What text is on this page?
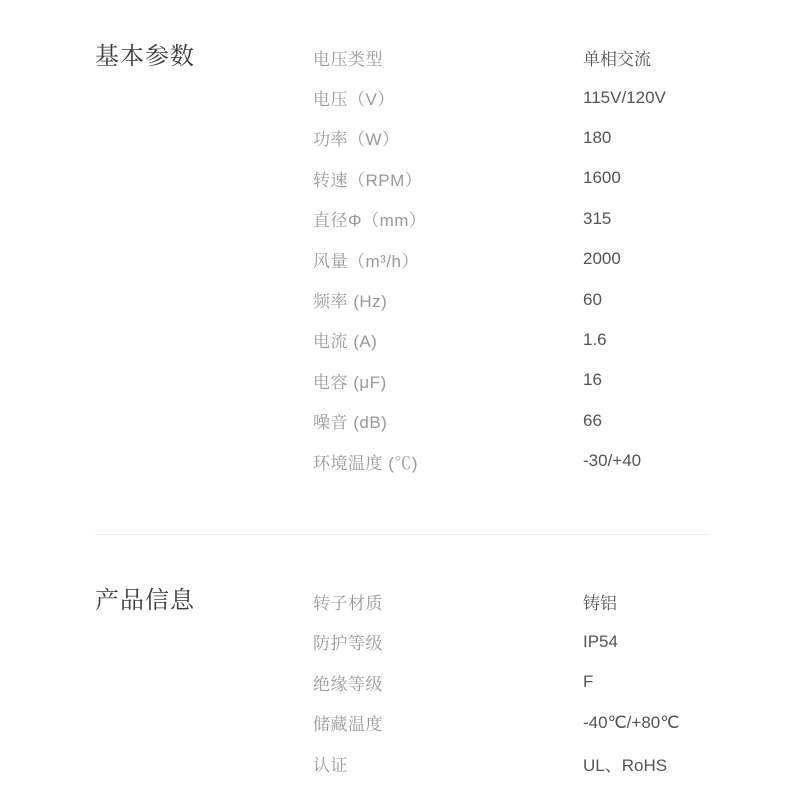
基本参数	电压类型	单相交流
电压（V）	115V/120V
功率（W）	180
转速（RPM）	1600
直径Φ（mm）	315
风量（m³/h）	2000
频率 (Hz)	60
电流 (A)	1.6
电容 (μF)	16
噪音 (dB)	66
环境温度 (℃)	-30/+40
产品信息	转子材质	铸铝
防护等级	IP54
绝缘等级	F
储藏温度	-40℃/+80℃
认证	UL、RoHS
